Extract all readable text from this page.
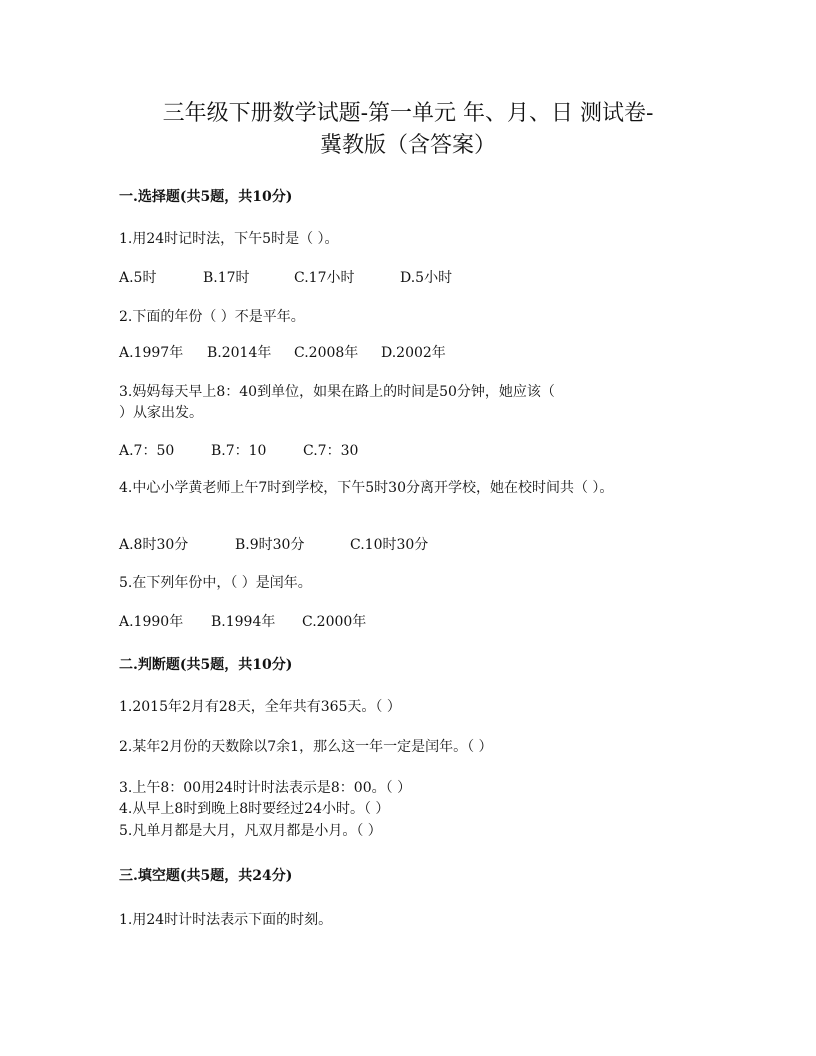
三年级下册数学试题-第一单元 年、月、日 测试卷-
冀教版（含答案）
一.选择题(共5题，共10分)
1.用24时记时法，下午5时是（ ）。
A.5时	B.17时	C.17小时	D.5小时
2.下面的年份（ ）不是平年。
A.1997年 B.2014年 C.2008年 D.2002年
3.妈妈每天早上8：40到单位，如果在路上的时间是50分钟，她应该（
）从家出发。
A.7：50	B.7：10	C.7：30
4.中心小学黄老师上午7时到学校，下午5时30分离开学校，她在校时间共（ ）。
A.8时30分	B.9时30分	C.10时30分
5.在下列年份中，（ ）是闰年。
A.1990年 B.1994年 C.2000年
二.判断题(共5题，共10分)
1.2015年2月有28天，全年共有365天。（ ）
2.某年2月份的天数除以7余1，那么这一年一定是闰年。（ ）
3.上午8：00用24时计时法表示是8：00。（ ）
4.从早上8时到晚上8时要经过24小时。（ ）
5.凡单月都是大月，凡双月都是小月。（ ）
三.填空题(共5题，共24分)
1.用24时计时法表示下面的时刻。
